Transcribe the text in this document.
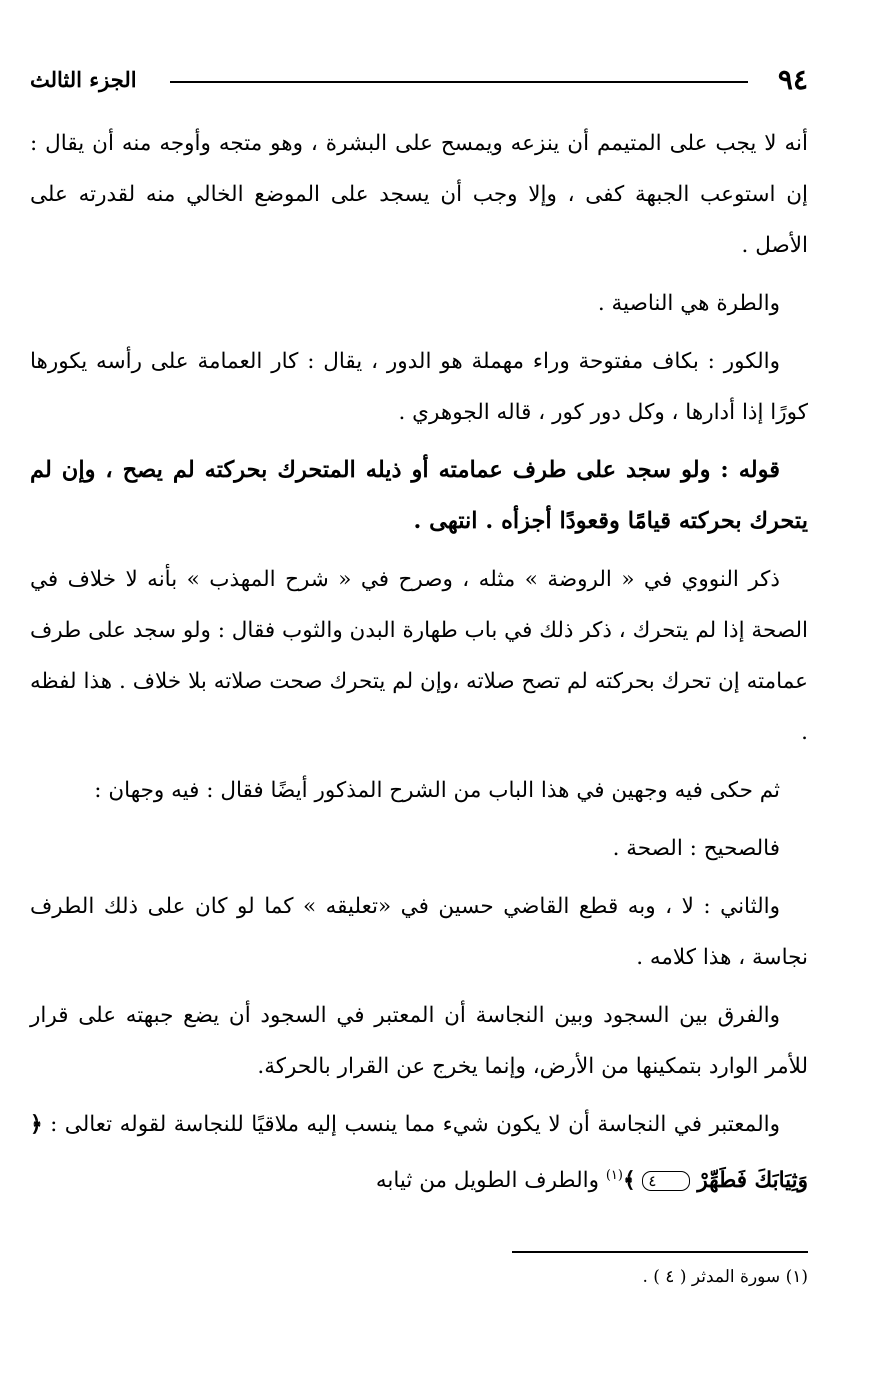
٩٤
الجزء الثالث

أنه لا يجب على المتيمم أن ينزعه ويمسح على البشرة ، وهو متجه وأوجه منه أن يقال : إن استوعب الجبهة كفى ، وإلا وجب أن يسجد على الموضع الخالي منه لقدرته على الأصل .

والطرة هي الناصية .

والكور : بكاف مفتوحة وراء مهملة هو الدور ، يقال : كار العمامة على رأسه يكورها كورًا إذا أدارها ، وكل دور كور ، قاله الجوهري .

قوله : ولو سجد على طرف عمامته أو ذيله المتحرك بحركته لم يصح ، وإن لم يتحرك بحركته قيامًا وقعودًا أجزأه . انتهى .

ذكر النووي في « الروضة » مثله ، وصرح في « شرح المهذب » بأنه لا خلاف في الصحة إذا لم يتحرك ، ذكر ذلك في باب طهارة البدن والثوب فقال : ولو سجد على طرف عمامته إن تحرك بحركته لم تصح صلاته ،وإن لم يتحرك صحت صلاته بلا خلاف . هذا لفظه .

ثم حكى فيه وجهين في هذا الباب من الشرح المذكور أيضًا فقال : فيه وجهان :

فالصحيح : الصحة .

والثاني : لا ، وبه قطع القاضي حسين في «تعليقه » كما لو كان على ذلك الطرف نجاسة ، هذا كلامه .

والفرق بين السجود وبين النجاسة أن المعتبر في السجود أن يضع جبهته على قرار للأمر الوارد بتمكينها من الأرض، وإنما يخرج عن القرار بالحركة.

والمعتبر في النجاسة أن لا يكون شيء مما ينسب إليه ملاقيًا للنجاسة لقوله تعالى : ﴿ وَثِيَابَكَ فَطَهِّرْ ٤ ﴾$^{(١)}$ والطرف الطويل من ثيابه

(١) سورة المدثر ( ٤ ) .
